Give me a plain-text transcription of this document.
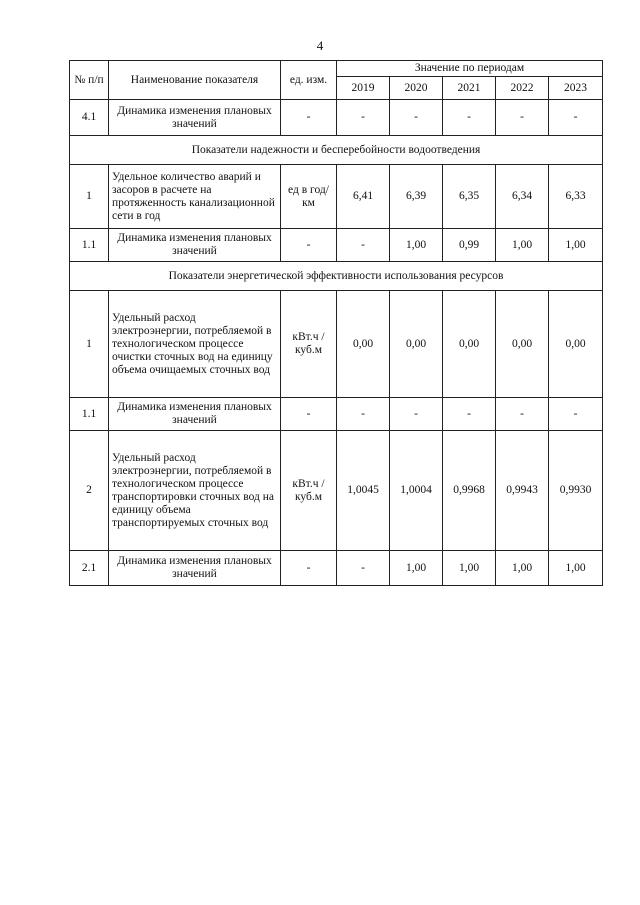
4
№ п/п	Наименование показателя	ед. изм.	Значение по периодам				
			2019	2020	2021	2022	2023
4.1	Динамика изменения плановых значений	-	-	-	-	-	-
Показатели надежности и бесперебойности водоотведения							
1	Удельное количество аварий и засоров в расчете на протяженность канализационной сети в год	ед в год/ км	6,41	6,39	6,35	6,34	6,33
1.1	Динамика изменения плановых значений	-	-	1,00	0,99	1,00	1,00
Показатели энергетической эффективности использования ресурсов							
1	Удельный расход электроэнергии, потребляемой в технологическом процессе очистки сточных вод на единицу объема очищаемых сточных вод	кВт.ч / куб.м	0,00	0,00	0,00	0,00	0,00
1.1	Динамика изменения плановых значений	-	-	-	-	-	-
2	Удельный расход электроэнергии, потребляемой в технологическом процессе транспортировки сточных вод на единицу объема транспортируемых сточных вод	кВт.ч / куб.м	1,0045	1,0004	0,9968	0,9943	0,9930
2.1	Динамика изменения плановых значений	-	-	1,00	1,00	1,00	1,00
